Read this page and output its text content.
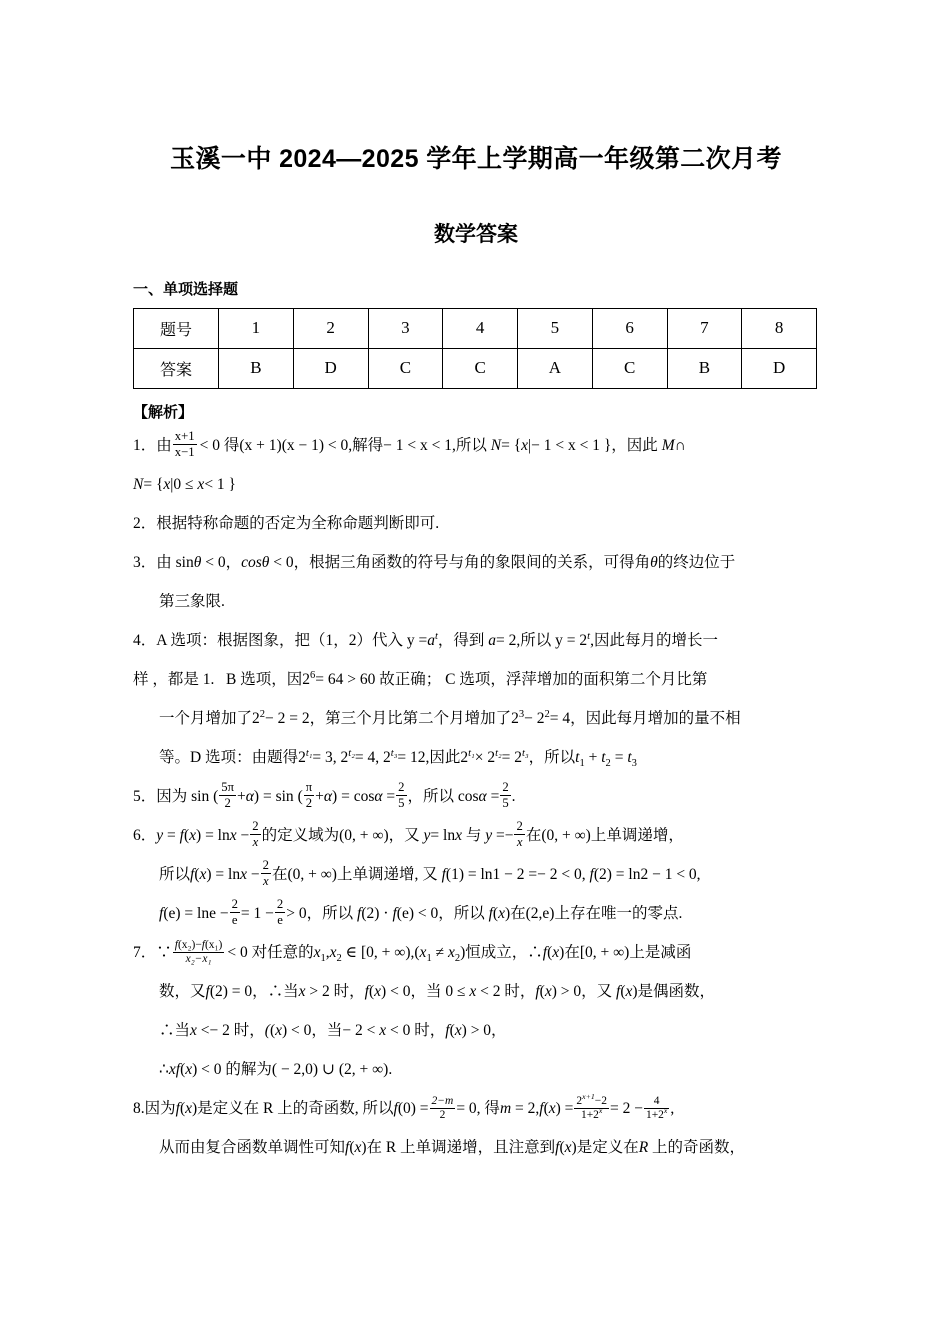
玉溪一中 2024—2025 学年上学期高一年级第二次月考
数学答案
一、单项选择题
题号	1	2	3	4	5	6	7	8
答案	B	D	C	C	A	C	B	D
【解析】
1．由 $\frac{x+1}{x-1} < 0$ 得(x + 1)(x − 1) < 0,解得− 1 < x < 1,所以 N= {x|− 1 < x < 1 }，因此 M∩
N= {x|0 ≤ x< 1 }
2．根据特称命题的否定为全称命题判断即可.
3．由 sinθ < 0，cosθ < 0，根据三角函数的符号与角的象限间的关系，可得角θ的终边位于
第三象限.
4．A 选项：根据图象，把（1，2）代入 $y =a^t$，得到 a= 2,所以 $y = 2^t$,因此每月的增长一
样 ，都是 1. B 选项，因$2^6= 64 > 60$ 故正确； C 选项，浮萍增加的面积第二个月比第
一个月增加了$2^2- 2 = 2$，第三个月比第二个月增加了$2^3- 2^2= 4$，因此每月增加的量不相
等。D 选项：由题得$2^{t_1}= 3$, $2^{t_2}= 4$, $2^{t_3}= 12$,因此$2^{t_1}\times 2^{t_2}= 2^{t_3}$，所以$t_1 + t_2 = t_3$
5．因为 sin ( $\frac{5\pi}{2} +\alpha) = \sin$ ( $\frac{\pi}{2} +\alpha) = \cos\alpha = \frac{2}{5}$ ，所以 $\cos\alpha = \frac{2}{5}$ .
6．$y = f(x) = \ln x - \frac{2}{x}$ 的定义域为(0, + ∞)，又 y= lnx 与 $y =- \frac{2}{x}$ 在(0, + ∞)上单调递增，
所以$f(x) = \ln x - \frac{2}{x}$ 在(0, + ∞)上单调递增, 又 f(1) = ln1 − 2 =− 2 < 0, f(2) = ln2 − 1 < 0,
$f(e) = \ln e - \frac{2}{e} = 1 - \frac{2}{e} > 0$，所以 f(2) ⋅ f(e) < 0，所以 f(x)在(2,e)上存在唯一的零点.
7．∵ $\frac{\text{f(x₂)−f(x₁)}}{\text{x₂−x₁}} < 0$ 对任意的$x_1,x_2$ ∈ [0, + $\infty),(x_1 \ne x_2)$恒成立，∴f(x)在[0, + ∞)上是减函
数，又f(2) = 0，∴当x > 2 时，f(x) < 0，当 0 ≤ x < 2 时，f(x) > 0，又 f(x)是偶函数，
∴当x <− 2 时，((x) < 0，当− 2 < x < 0 时，f(x) > 0，
∴xf(x) < 0 的解为( − 2,0) ∪ (2, + ∞).
8.因为f(x)是定义在 R 上的奇函数, 所以$f(0) = \frac{2-m}{2} = 0$, 得$m = 2,f(x) = \frac{2^{x+1}-2}{1+2^x} = 2 - \frac{4}{1+2^x}$ ,
从而由复合函数单调性可知f(x)在 R 上单调递增，且注意到f(x)是定义在R 上的奇函数，
